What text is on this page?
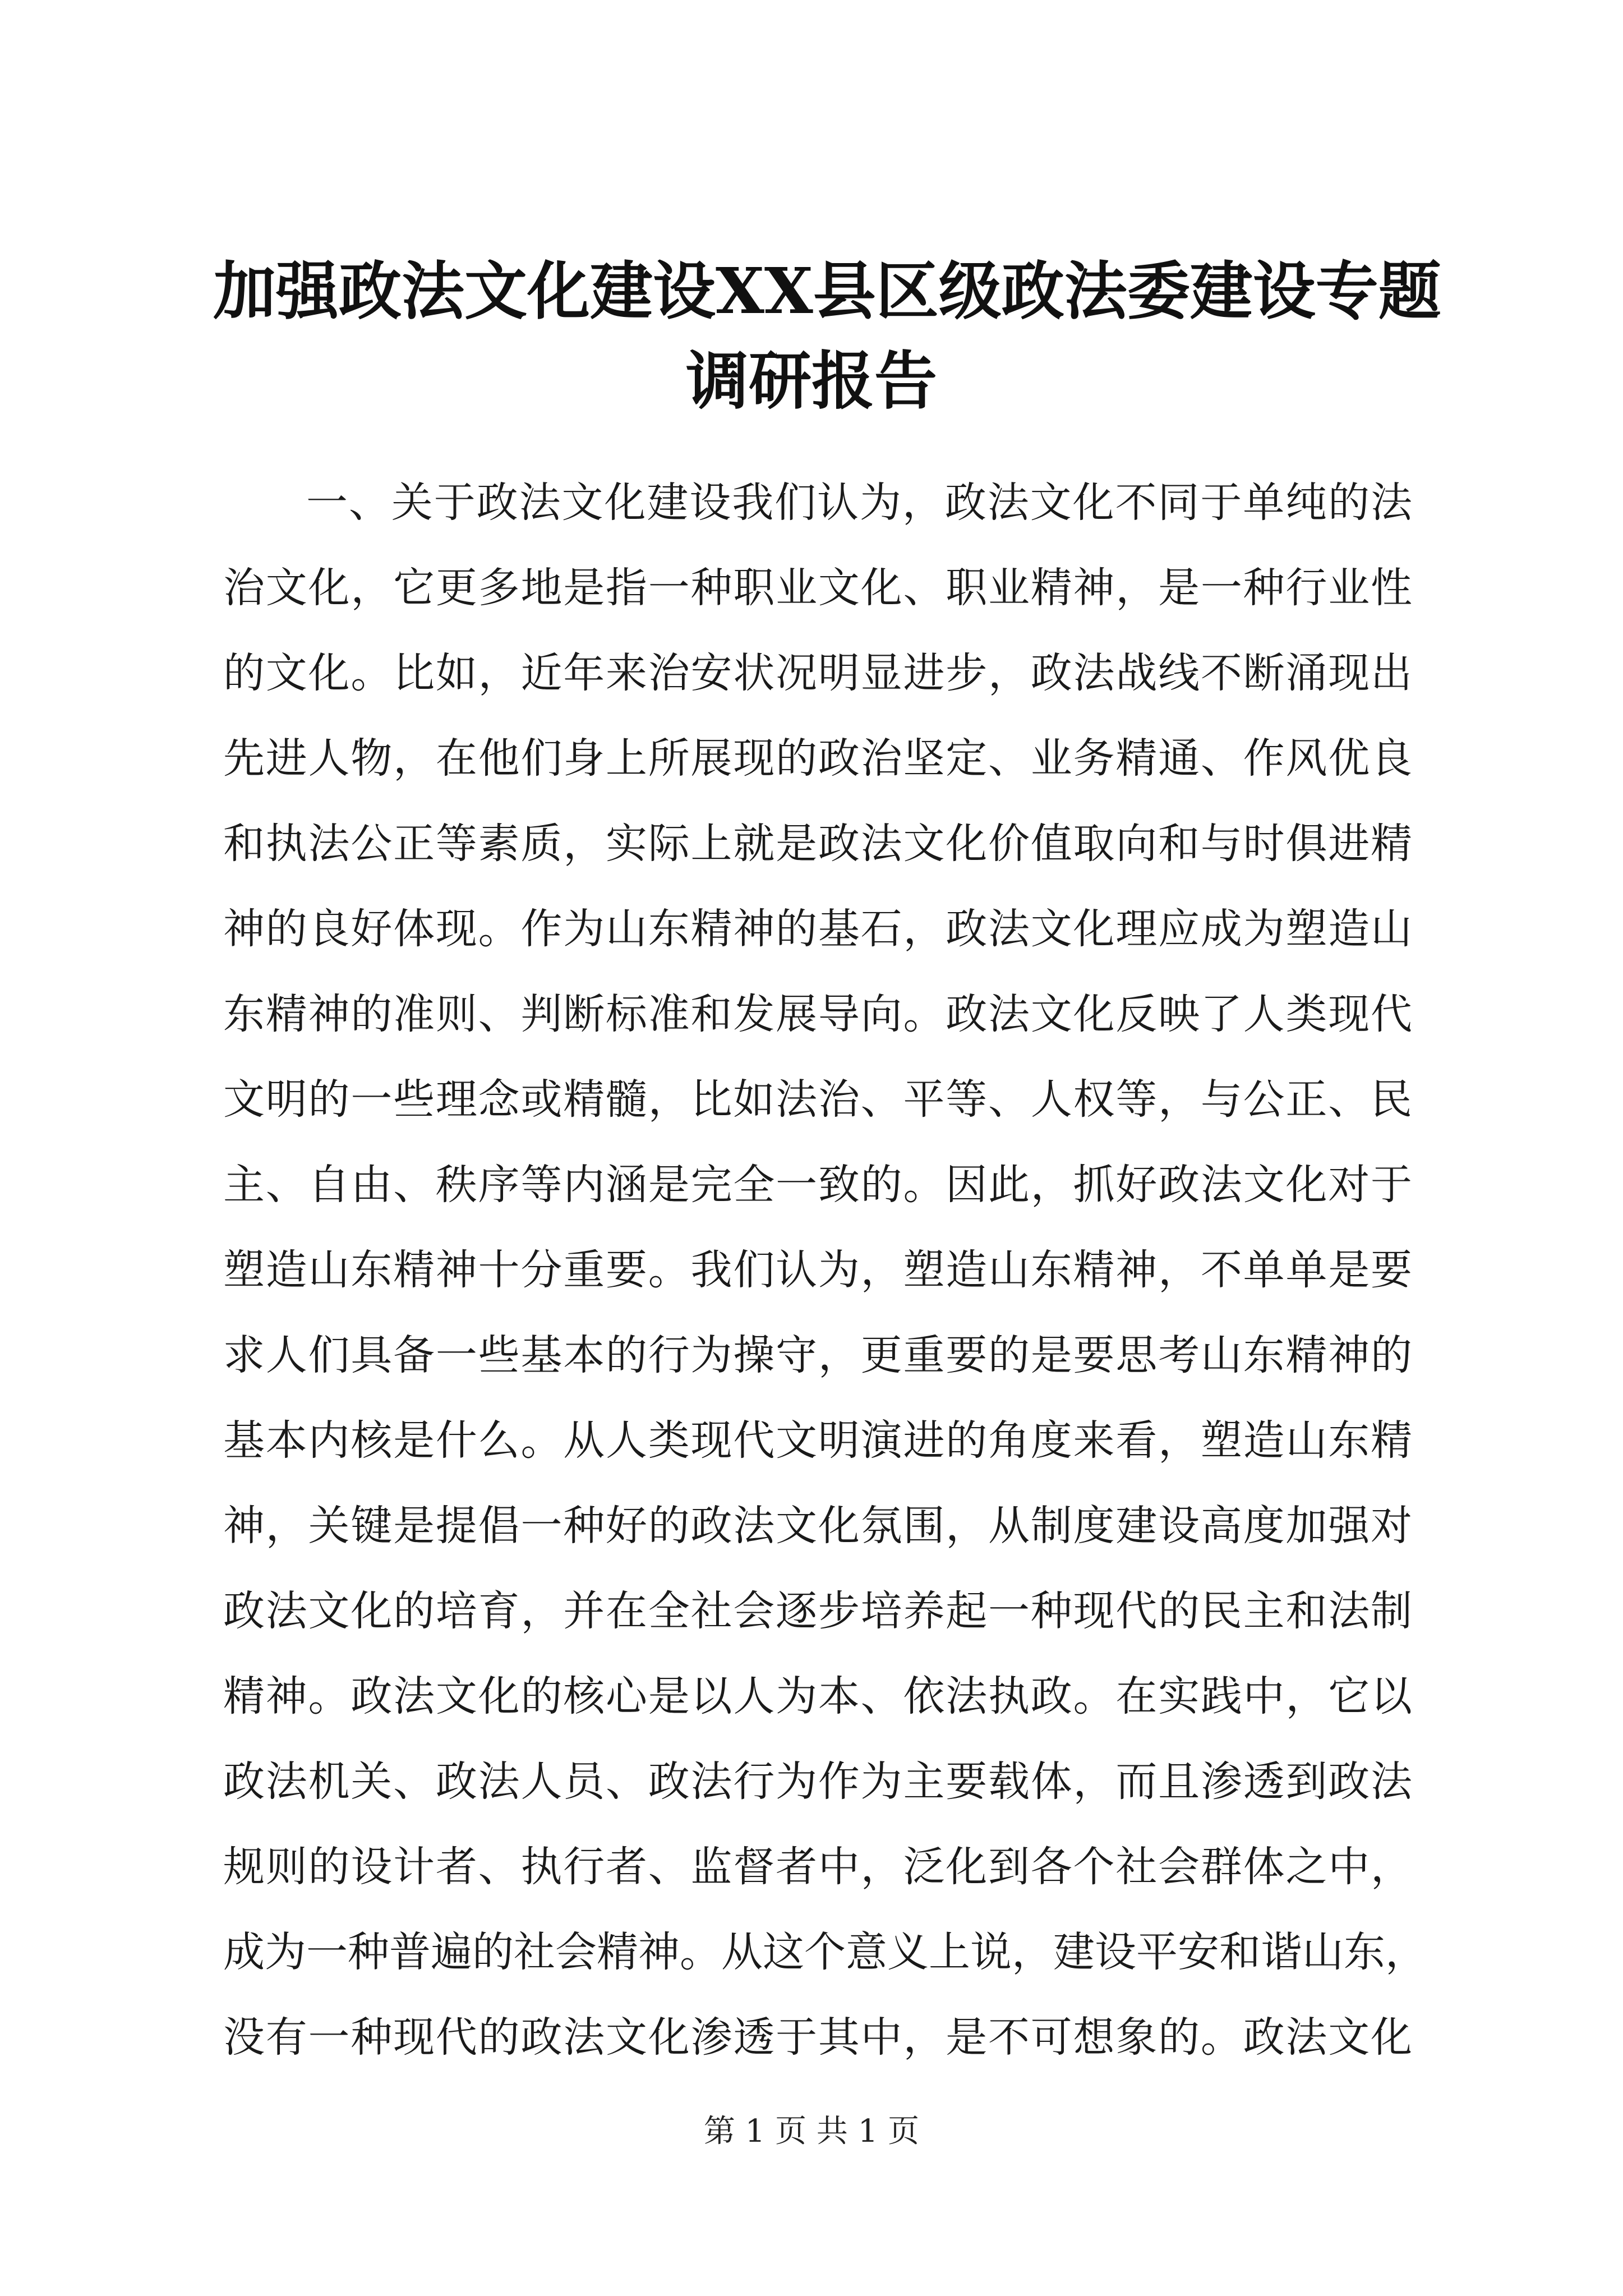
加强政法文化建设XX县区级政法委建设专题
调研报告
一、关于政法文化建设我们认为，政法文化不同于单纯的法
治文化，它更多地是指一种职业文化、职业精神，是一种行业性
的文化。比如，近年来治安状况明显进步，政法战线不断涌现出
先进人物，在他们身上所展现的政治坚定、业务精通、作风优良
和执法公正等素质，实际上就是政法文化价值取向和与时俱进精
神的良好体现。作为山东精神的基石，政法文化理应成为塑造山
东精神的准则、判断标准和发展导向。政法文化反映了人类现代
文明的一些理念或精髓，比如法治、平等、人权等，与公正、民
主、自由、秩序等内涵是完全一致的。因此，抓好政法文化对于
塑造山东精神十分重要。我们认为，塑造山东精神，不单单是要
求人们具备一些基本的行为操守，更重要的是要思考山东精神的
基本内核是什么。从人类现代文明演进的角度来看，塑造山东精
神，关键是提倡一种好的政法文化氛围，从制度建设高度加强对
政法文化的培育，并在全社会逐步培养起一种现代的民主和法制
精神。政法文化的核心是以人为本、依法执政。在实践中，它以
政法机关、政法人员、政法行为作为主要载体，而且渗透到政法
规则的设计者、执行者、监督者中，泛化到各个社会群体之中，
成为一种普遍的社会精神。从这个意义上说，建设平安和谐山东，
没有一种现代的政法文化渗透于其中，是不可想象的。政法文化
第 1 页 共 1 页
